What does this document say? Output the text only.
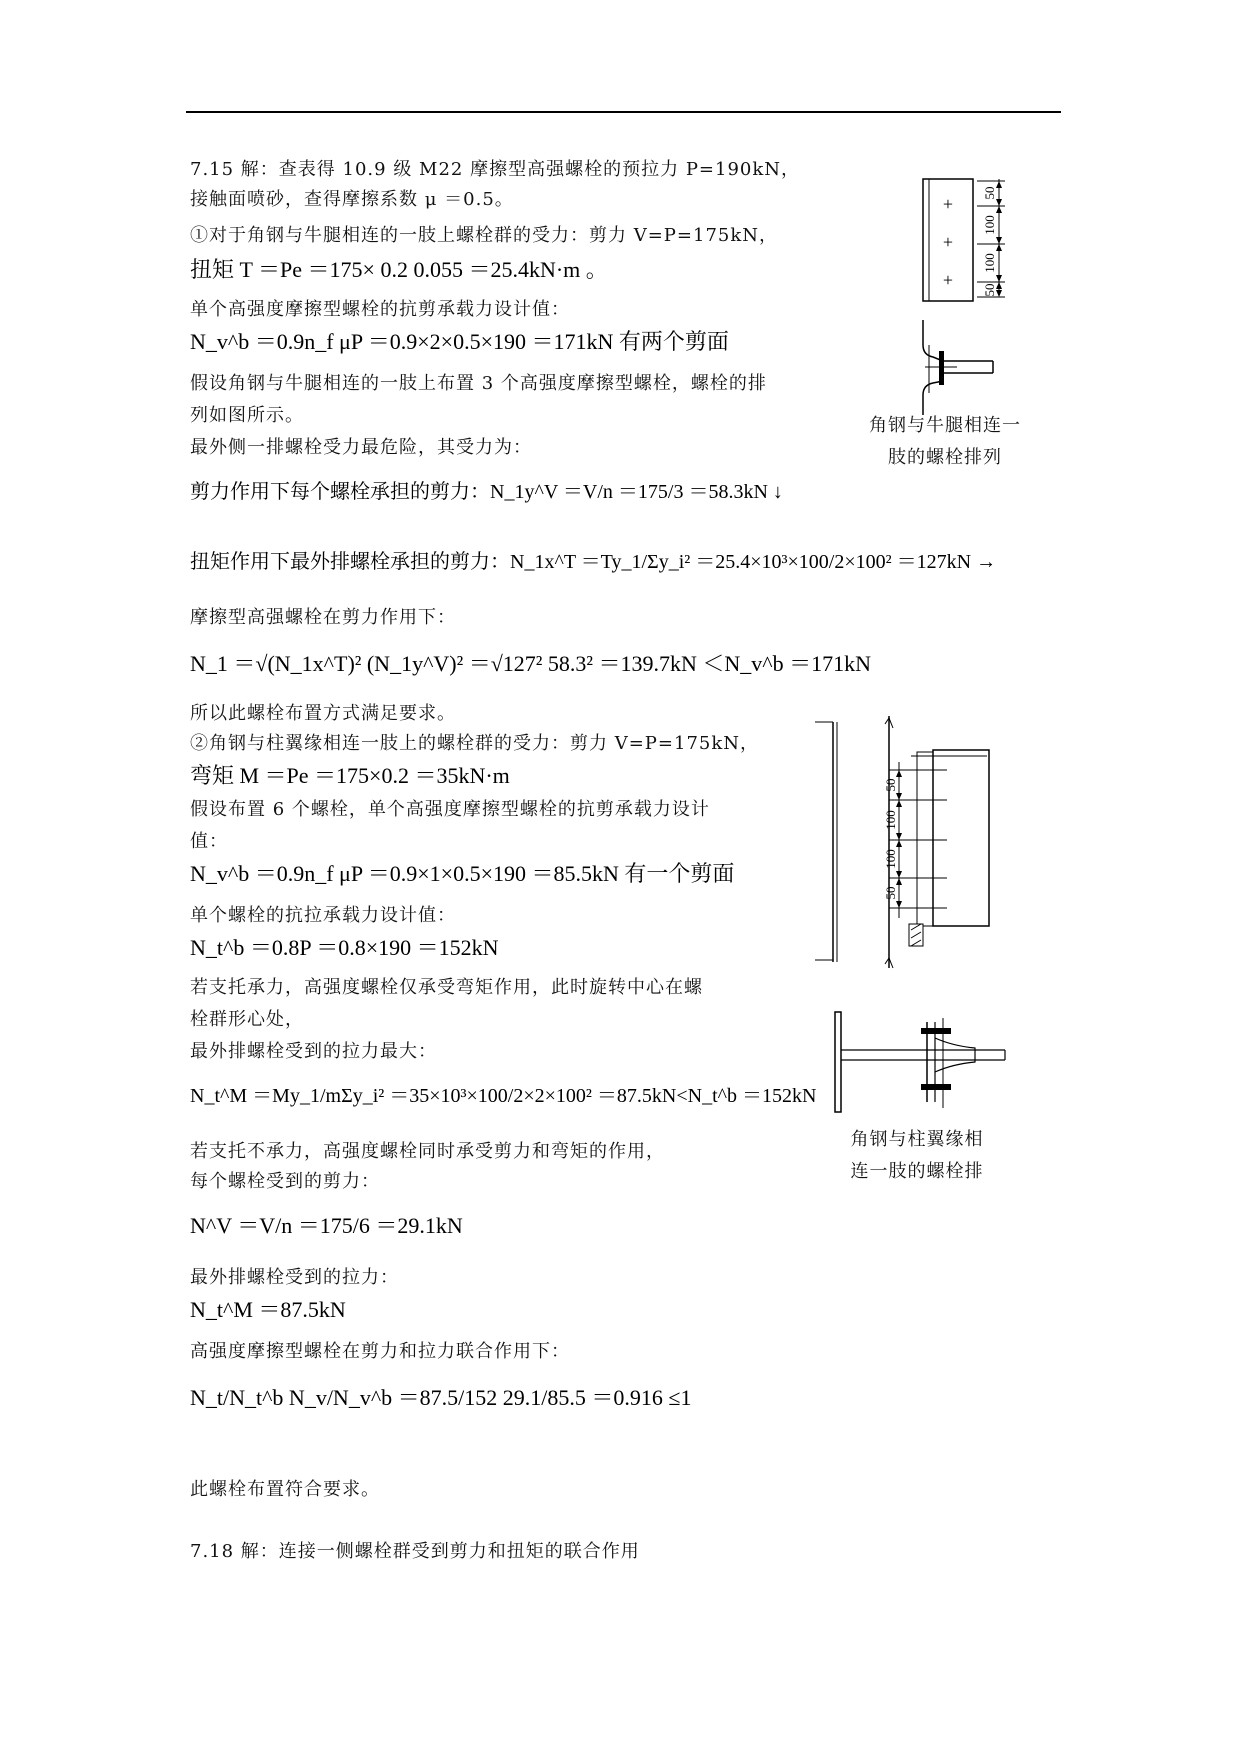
7.15 解：查表得 10.9 级 M22 摩擦型高强螺栓的预拉力 P=190kN，
接触面喷砂，查得摩擦系数 μ ＝0.5。
①对于角钢与牛腿相连的一肢上螺栓群的受力：剪力 V=P=175kN，
扭矩 T ＝Pe ＝175× 0.2 0.055 ＝25.4kN·m 。
单个高强度摩擦型螺栓的抗剪承载力设计值：
N_v^b ＝0.9n_f μP ＝0.9×2×0.5×190 ＝171kN 有两个剪面
假设角钢与牛腿相连的一肢上布置 3 个高强度摩擦型螺栓，螺栓的排
列如图所示。
最外侧一排螺栓受力最危险，其受力为：
剪力作用下每个螺栓承担的剪力：N_1y^V ＝V/n ＝175/3 ＝58.3kN ↓
扭矩作用下最外排螺栓承担的剪力：N_1x^T ＝Ty_1/Σy_i² ＝25.4×10³×100/2×100² ＝127kN →
摩擦型高强螺栓在剪力作用下：
N_1 ＝√(N_1x^T)² (N_1y^V)² ＝√127² 58.3² ＝139.7kN ＜N_v^b ＝171kN
所以此螺栓布置方式满足要求。
②角钢与柱翼缘相连一肢上的螺栓群的受力：剪力 V=P=175kN，
弯矩 M ＝Pe ＝175×0.2 ＝35kN·m
假设布置 6 个螺栓，单个高强度摩擦型螺栓的抗剪承载力设计
值：
N_v^b ＝0.9n_f μP ＝0.9×1×0.5×190 ＝85.5kN 有一个剪面
单个螺栓的抗拉承载力设计值：
N_t^b ＝0.8P ＝0.8×190 ＝152kN
若支托承力，高强度螺栓仅承受弯矩作用，此时旋转中心在螺
栓群形心处，
最外排螺栓受到的拉力最大：
N_t^M ＝My_1/mΣy_i² ＝35×10³×100/2×2×100² ＝87.5kN<N_t^b ＝152kN
若支托不承力，高强度螺栓同时承受剪力和弯矩的作用，
每个螺栓受到的剪力：
N^V ＝V/n ＝175/6 ＝29.1kN
最外排螺栓受到的拉力：
N_t^M ＝87.5kN
高强度摩擦型螺栓在剪力和拉力联合作用下：
N_t/N_t^b N_v/N_v^b ＝87.5/152 29.1/85.5 ＝0.916 ≤1
此螺栓布置符合要求。
7.18 解：连接一侧螺栓群受到剪力和扭矩的联合作用
+
+
+
50
100
100
50
角钢与牛腿相连一
肢的螺栓排列
50
100
100
50
角钢与柱翼缘相
连一肢的螺栓排
